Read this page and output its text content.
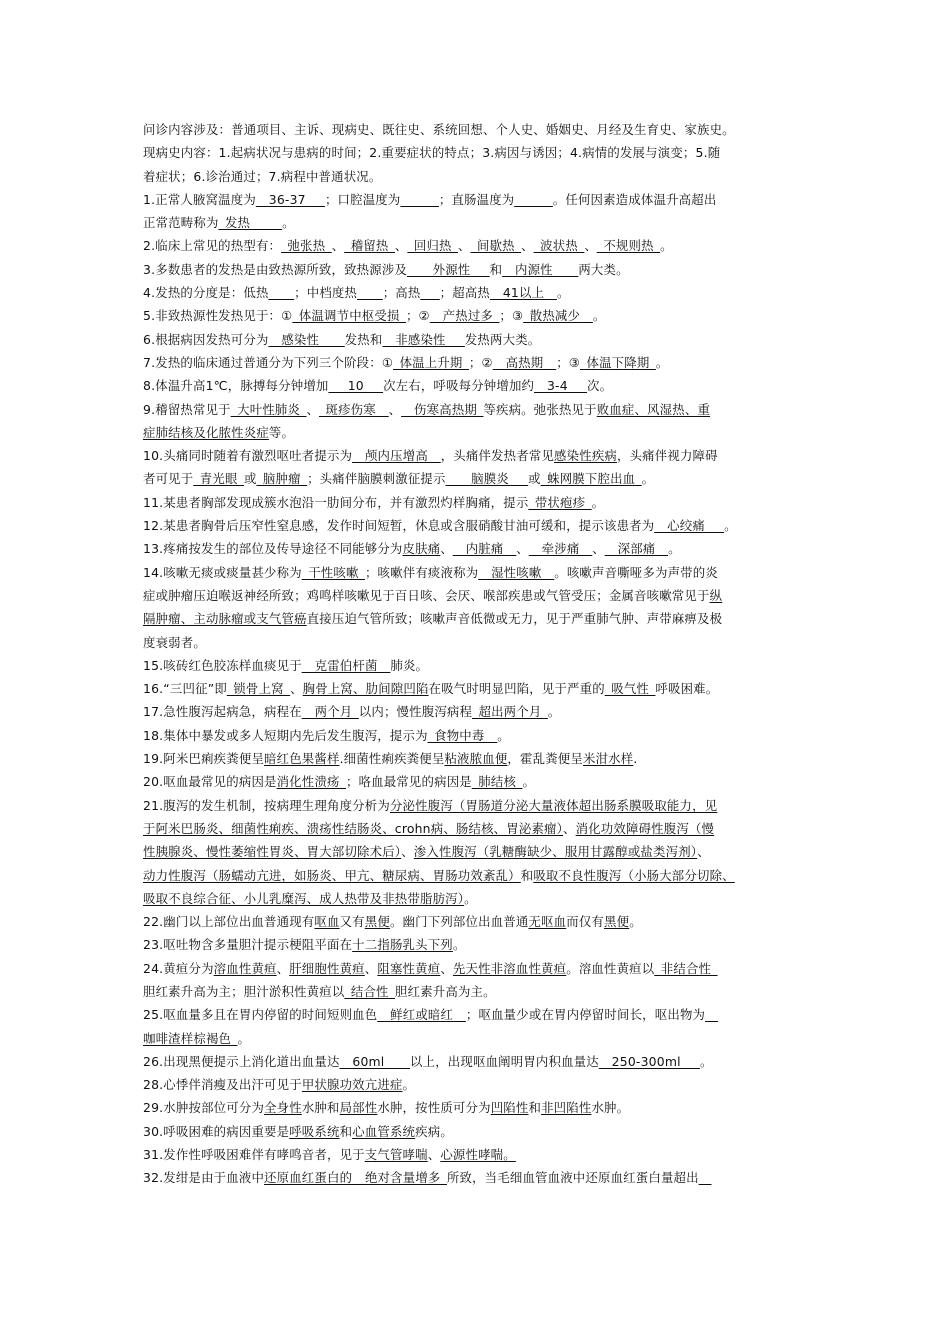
问诊内容涉及：普通项目、主诉、现病史、既往史、系统回想、个人史、婚姻史、月经及生育史、家族史。
现病史内容：1.起病状况与患病的时间；2.重要症状的特点；3.病因与诱因；4.病情的发展与演变；5.随
着症状；6.诊治通过；7.病程中普通状况。
1.正常人腋窝温度为__36-37___；口腔温度为______；直肠温度为______。任何因素造成体温升高超出
正常范畴称为_发热_____。
2.临床上常见的热型有：_弛张热_、_稽留热_、_回归热_、_间歇热_、_波状热_、_不规则热_。
3.多数患者的发热是由致热源所致，致热源涉及____外源性___和__内源性____两大类。
4.发热的分度是：低热____；中档度热____；高热___；超高热__41以上__。
5.非致热源性发热见于：①_体温调节中枢受损_；②__产热过多_；③_散热减少__。
6.根据病因发热可分为__感染性____发热和__非感染性___发热两大类。
7.发热的临床通过普通分为下列三个阶段：①_体温上升期_；②__高热期__；③_体温下降期_。
8.体温升高1℃，脉搏每分钟增加___10___次左右，呼吸每分钟增加约__3-4___次。
9.稽留热常见于_大叶性肺炎_、_斑疹伤寒__、__伤寒高热期_等疾病。弛张热见于败血症、风湿热、重
症肺结核及化脓性炎症等。
10.头痛同时随着有激烈呕吐者提示为__颅内压增高__，头痛伴发热者常见感染性疾病，头痛伴视力障碍
者可见于_青光眼_或_脑肿瘤_；头痛伴脑膜刺激征提示____脑膜炎___或_蛛网膜下腔出血_。
11.某患者胸部发现成簇水泡沿一肋间分布，并有激烈灼样胸痛，提示_带状疱疹_。
12.某患者胸骨后压窄性窒息感，发作时间短暂，休息或含服硝酸甘油可缓和，提示该患者为__心绞痛___。
13.疼痛按发生的部位及传导途径不同能够分为皮肤痛、__内脏痛__、__牵涉痛__、__深部痛__。
14.咳嗽无痰或痰量甚少称为_干性咳嗽_；咳嗽伴有痰液称为__湿性咳嗽__。咳嗽声音嘶哑多为声带的炎
症或肿瘤压迫喉返神经所致；鸡鸣样咳嗽见于百日咳、会厌、喉部疾患或气管受压；金属音咳嗽常见于纵
隔肿瘤、主动脉瘤或支气管癌直接压迫气管所致；咳嗽声音低微或无力，见于严重肺气肿、声带麻痹及极
度衰弱者。
15.咳砖红色胶冻样血痰见于__克雷伯杆菌__肺炎。
16.“三凹征”即_锁骨上窝_、胸骨上窝、肋间隙凹陷在吸气时明显凹陷，见于严重的_吸气性_呼吸困难。
17.急性腹泻起病急，病程在__两个月_以内；慢性腹泻病程_超出两个月_。
18.集体中暴发或多人短期内先后发生腹泻，提示为_食物中毒__。
19.阿米巴痢疾粪便呈暗红色果酱样.细菌性痢疾粪便呈粘液脓血便，霍乱粪便呈米泔水样.
20.呕血最常见的病因是消化性溃疡_；咯血最常见的病因是_肺结核_。
21.腹泻的发生机制，按病理生理角度分析为分泌性腹泻（胃肠道分泌大量液体超出肠系膜吸取能力，见
于阿米巴肠炎、细菌性痢疾、溃疡性结肠炎、crohn病、肠结核、胃泌素瘤）、消化功效障碍性腹泻（慢
性胰腺炎、慢性萎缩性胃炎、胃大部切除术后）、渗入性腹泻（乳糖酶缺少、服用甘露醇或盐类泻剂）、
动力性腹泻（肠蠕动亢进，如肠炎、甲亢、糖尿病、胃肠功效紊乱）和吸取不良性腹泻（小肠大部分切除、
吸取不良综合征、小儿乳糜泻、成人热带及非热带脂肪泻）。
22.幽门以上部位出血普通现有呕血又有黑便。幽门下列部位出血普通无呕血而仅有黑便。
23.呕吐物含多量胆汁提示梗阻平面在十二指肠乳头下列。
24.黄疸分为溶血性黄疸、肝细胞性黄疸、阻塞性黄疸、先天性非溶血性黄疸。溶血性黄疸以_非结合性_
胆红素升高为主；胆汁淤积性黄疸以_结合性_胆红素升高为主。
25.呕血量多且在胃内停留的时间短则血色__鲜红或暗红__；呕血量少或在胃内停留时间长，呕出物为__
咖啡渣样棕褐色_。
26.出现黑便提示上消化道出血量达__60ml____以上，出现呕血阐明胃内积血量达__250-300ml___。
28.心悸伴消瘦及出汗可见于甲状腺功效亢进症。
29.水肿按部位可分为全身性水肿和局部性水肿，按性质可分为凹陷性和非凹陷性水肿。
30.呼吸困难的病因重要是呼吸系统和心血管系统疾病。
31.发作性呼吸困难伴有哮鸣音者，见于支气管哮喘、心源性哮喘。
32.发绀是由于血液中还原血红蛋白的__绝对含量增多_所致，当毛细血管血液中还原血红蛋白量超出__
